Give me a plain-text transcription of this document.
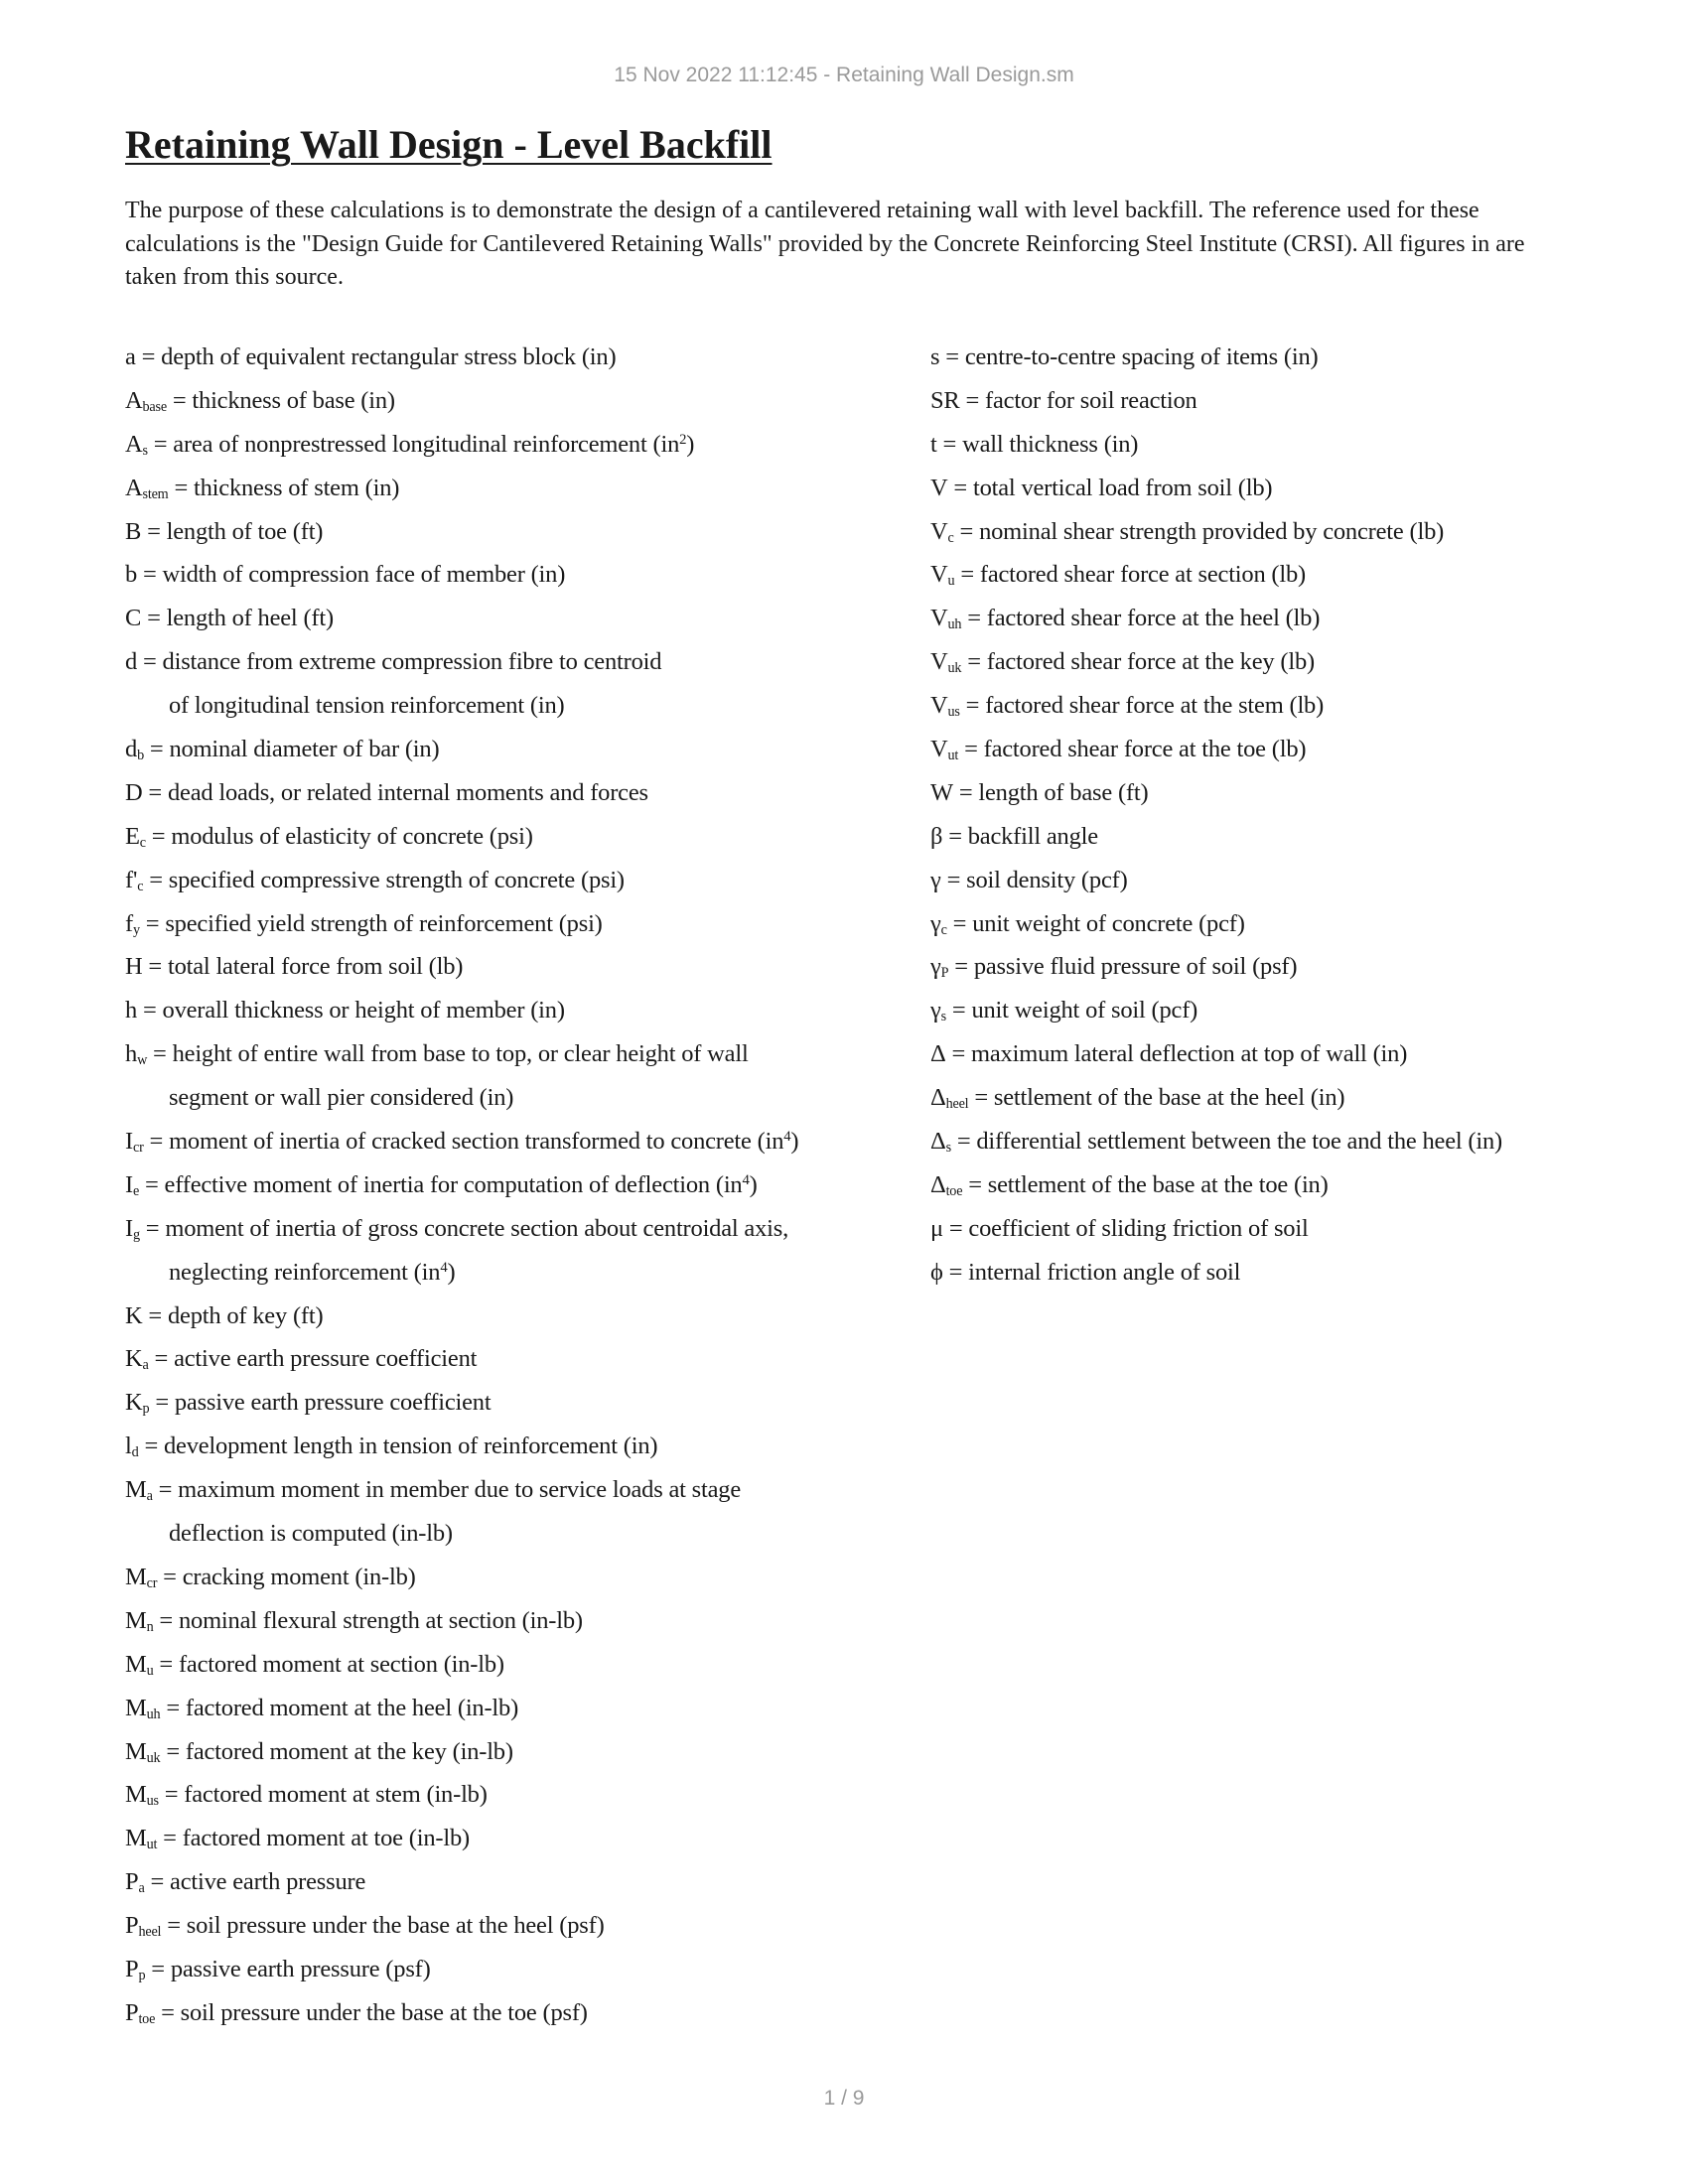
15 Nov 2022 11:12:45 - Retaining Wall Design.sm
Retaining Wall Design - Level Backfill

The purpose of these calculations is to demonstrate the design of a cantilevered retaining wall with level backfill. The reference used for these calculations is the "Design Guide for Cantilevered Retaining Walls" provided by the Concrete Reinforcing Steel Institute (CRSI). All figures in are taken from this source.

a = depth of equivalent rectangular stress block (in)
$A_{base}$ = thickness of base (in)
$A_s$ = area of nonprestressed longitudinal reinforcement $(in^2)$
$A_{stem}$ = thickness of stem (in)
B = length of toe (ft)
b = width of compression face of member (in)
C = length of heel (ft)
d = distance from extreme compression fibre to centroid
of longitudinal tension reinforcement (in)
$d_b$ = nominal diameter of bar (in)
D = dead loads, or related internal moments and forces
$E_c$ = modulus of elasticity of concrete (psi)
$f'_c$ = specified compressive strength of concrete (psi)
$f_y$ = specified yield strength of reinforcement (psi)
H = total lateral force from soil (lb)
h = overall thickness or height of member (in)
$h_w$ = height of entire wall from base to top, or clear height of wall
segment or wall pier considered (in)
$I_{cr}$ = moment of inertia of cracked section transformed to concrete $(in^4)$
$I_e$ = effective moment of inertia for computation of deflection $(in^4)$
$I_g$ = moment of inertia of gross concrete section about centroidal axis,
neglecting reinforcement $(in^4)$
K = depth of key (ft)
$K_a$ = active earth pressure coefficient
$K_p$ = passive earth pressure coefficient
$l_d$ = development length in tension of reinforcement (in)
$M_a$ = maximum moment in member due to service loads at stage
deflection is computed (in-lb)
$M_{cr}$ = cracking moment (in-lb)
$M_n$ = nominal flexural strength at section (in-lb)
$M_u$ = factored moment at section (in-lb)
$M_{uh}$ = factored moment at the heel (in-lb)
$M_{uk}$ = factored moment at the key (in-lb)
$M_{us}$ = factored moment at stem (in-lb)
$M_{ut}$ = factored moment at toe (in-lb)
$P_a$ = active earth pressure
$P_{heel}$ = soil pressure under the base at the heel (psf)
$P_p$ = passive earth pressure (psf)
$P_{toe}$ = soil pressure under the base at the toe (psf)
s = centre-to-centre spacing of items (in)
SR = factor for soil reaction
t = wall thickness (in)
V = total vertical load from soil (lb)
$V_c$ = nominal shear strength provided by concrete (lb)
$V_u$ = factored shear force at section (lb)
$V_{uh}$ = factored shear force at the heel (lb)
$V_{uk}$ = factored shear force at the key (lb)
$V_{us}$ = factored shear force at the stem (lb)
$V_{ut}$ = factored shear force at the toe (lb)
W = length of base (ft)
β = backfill angle
γ = soil density (pcf)
$\gamma_c$ = unit weight of concrete (pcf)
$\gamma_P$ = passive fluid pressure of soil (psf)
$\gamma_s$ = unit weight of soil (pcf)
Δ = maximum lateral deflection at top of wall (in)
$\Delta_{heel}$ = settlement of the base at the heel (in)
$\Delta_s$ = differential settlement between the toe and the heel (in)
$\Delta_{toe}$ = settlement of the base at the toe (in)
μ = coefficient of sliding friction of soil
ϕ = internal friction angle of soil
1 / 9
